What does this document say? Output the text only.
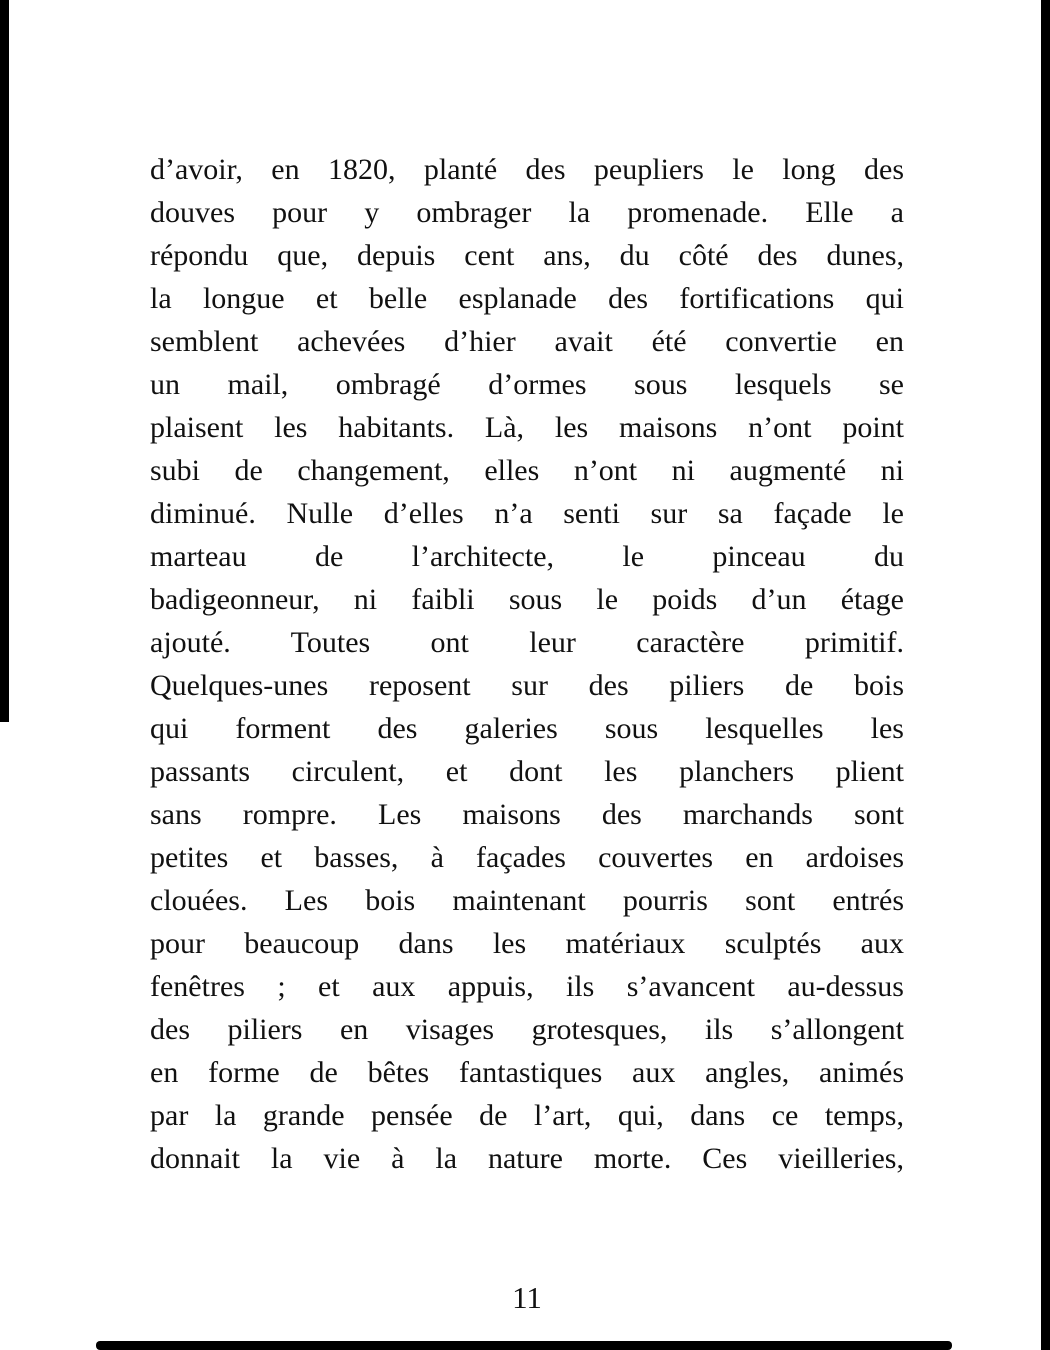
d’avoir, en 1820, planté des peupliers le long des
douves pour y ombrager la promenade. Elle a
répondu que, depuis cent ans, du côté des dunes,
la longue et belle esplanade des fortifications qui
semblent achevées d’hier avait été convertie en
un mail, ombragé d’ormes sous lesquels se
plaisent les habitants. Là, les maisons n’ont point
subi de changement, elles n’ont ni augmenté ni
diminué. Nulle d’elles n’a senti sur sa façade le
marteau de l’architecte, le pinceau du
badigeonneur, ni faibli sous le poids d’un étage
ajouté. Toutes ont leur caractère primitif.
Quelques-unes reposent sur des piliers de bois
qui forment des galeries sous lesquelles les
passants circulent, et dont les planchers plient
sans rompre. Les maisons des marchands sont
petites et basses, à façades couvertes en ardoises
clouées. Les bois maintenant pourris sont entrés
pour beaucoup dans les matériaux sculptés aux
fenêtres ; et aux appuis, ils s’avancent au-dessus
des piliers en visages grotesques, ils s’allongent
en forme de bêtes fantastiques aux angles, animés
par la grande pensée de l’art, qui, dans ce temps,
donnait la vie à la nature morte. Ces vieilleries,
11
